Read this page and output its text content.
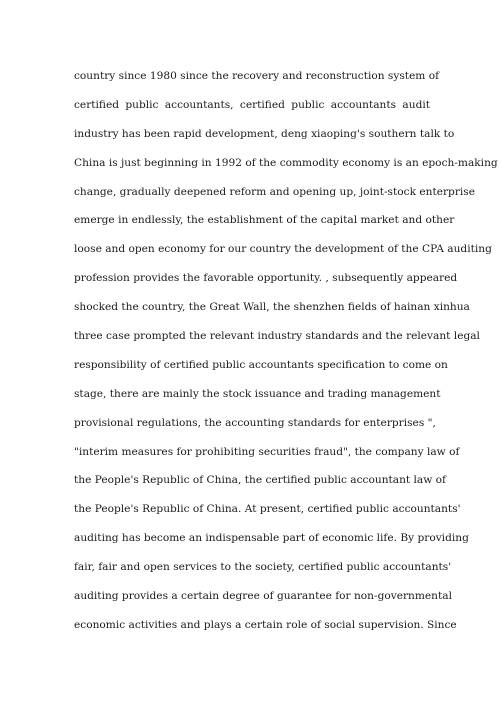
country since 1980 since the recovery and reconstruction system of
certified public accountants, certified public accountants audit
industry has been rapid development, deng xiaoping's southern talk to
China is just beginning in 1992 of the commodity economy is an epoch-making
change, gradually deepened reform and opening up, joint-stock enterprise
emerge in endlessly, the establishment of the capital market and other
loose and open economy for our country the development of the CPA auditing
profession provides the favorable opportunity. , subsequently appeared
shocked the country, the Great Wall, the shenzhen fields of hainan xinhua
three case prompted the relevant industry standards and the relevant legal
responsibility of certified public accountants specification to come on
stage, there are mainly the stock issuance and trading management
provisional regulations, the accounting standards for enterprises ",
"interim measures for prohibiting securities fraud", the company law of
the People's Republic of China, the certified public accountant law of
the People's Republic of China. At present, certified public accountants'
auditing has become an indispensable part of economic life. By providing
fair, fair and open services to the society, certified public accountants'
auditing provides a certain degree of guarantee for non-governmental
economic activities and plays a certain role of social supervision. Since
